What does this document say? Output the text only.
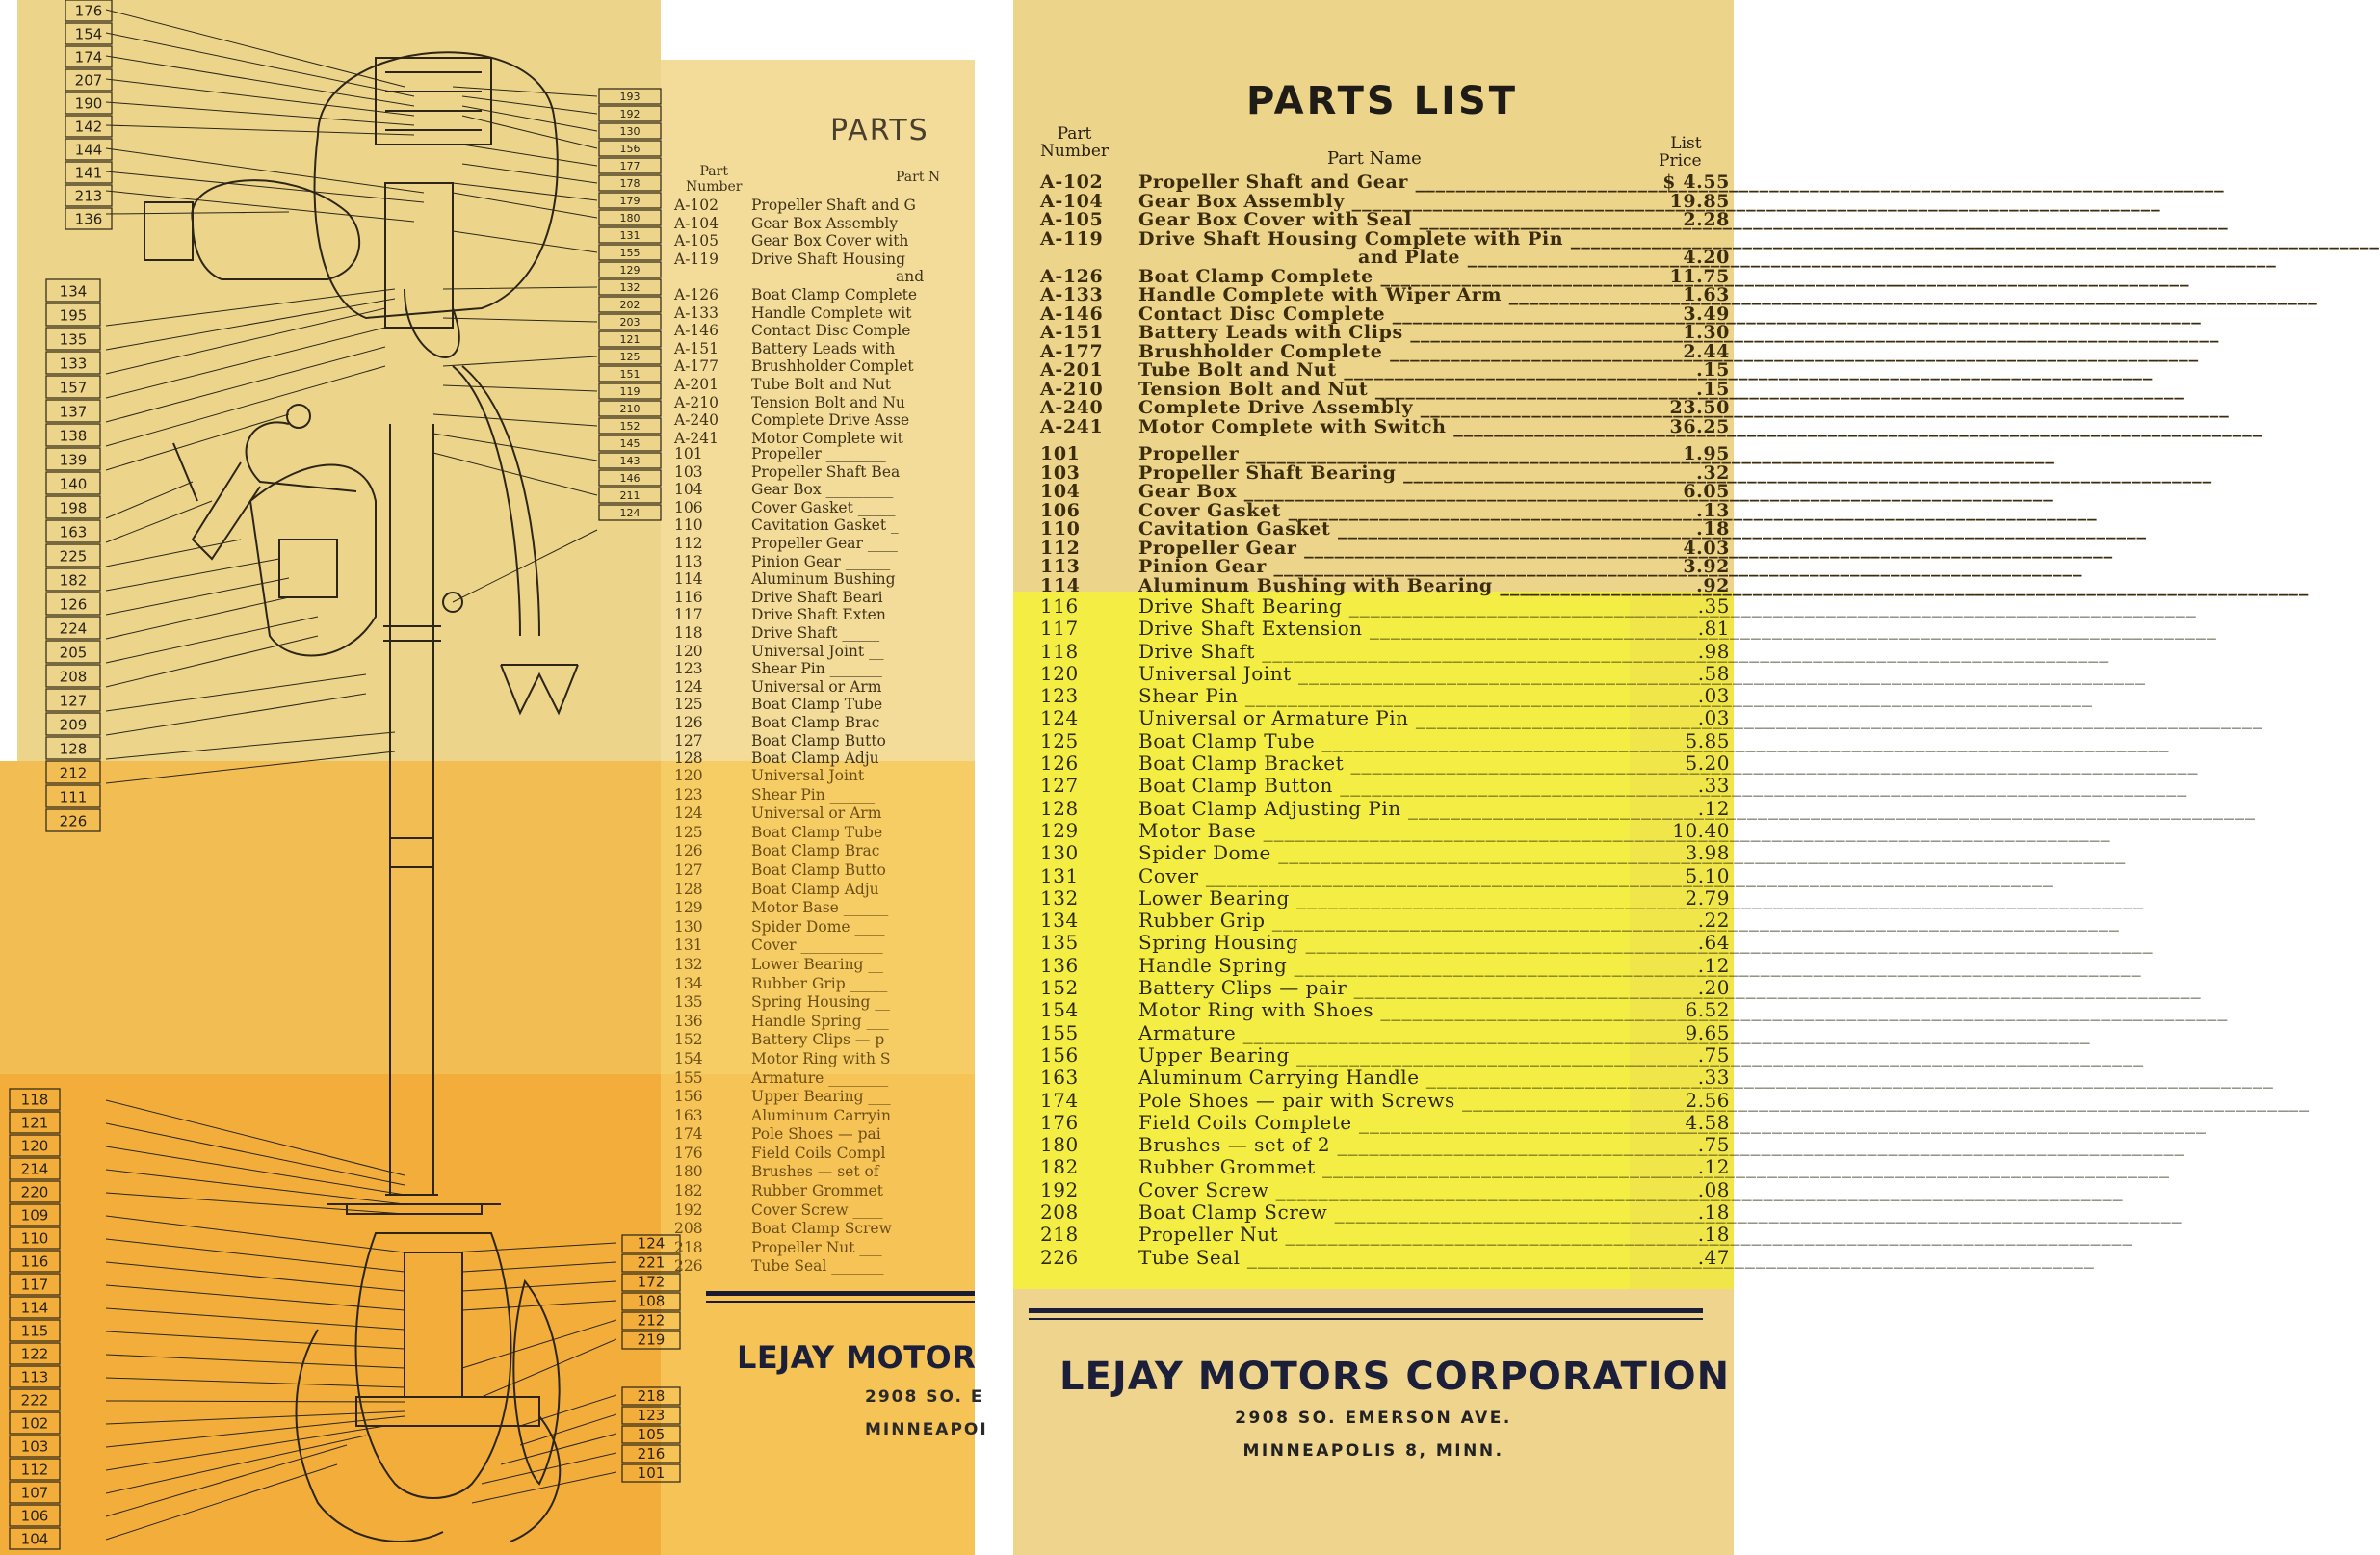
176
154
174
207
190
142
144
141
213
136
134
195
135
133
157
137
138
139
140
198
163
225
182
126
224
205
208
127
209
128
212
111
226
118
121
120
214
220
109
110
116
117
114
115
122
113
222
102
103
112
107
106
104
193
192
130
156
177
178
179
180
131
155
129
132
202
203
121
125
151
119
210
152
145
143
146
211
124
124
221
172
108
212
219
218
123
105
216
101
PARTS
Part
Number
Part N
A-102	Propeller Shaft and G
A-104	Gear Box Assembly
A-105	Gear Box Cover with
A-119	Drive Shaft Housing
and
A-126	Boat Clamp Complete
A-133	Handle Complete wit
A-146	Contact Disc Comple
A-151	Battery Leads with
A-177	Brushholder Complet
A-201	Tube Bolt and Nut
A-210	Tension Bolt and Nu
A-240	Complete Drive Asse
A-241	Motor Complete wit
101	Propeller ________
103	Propeller Shaft Bea
104	Gear Box _________
106	Cover Gasket _____
110	Cavitation Gasket _
112	Propeller Gear ____
113	Pinion Gear ______
114	Aluminum Bushing
116	Drive Shaft Beari
117	Drive Shaft Exten
118	Drive Shaft _____
120	Universal Joint __
123	Shear Pin _______
124	Universal or Arm
125	Boat Clamp Tube
126	Boat Clamp Brac
127	Boat Clamp Butto
128	Boat Clamp Adju
120	Universal Joint
123	Shear Pin ______
124	Universal or Arm
125	Boat Clamp Tube
126	Boat Clamp Brac
127	Boat Clamp Butto
128	Boat Clamp Adju
129	Motor Base ______
130	Spider Dome ____
131	Cover ___________
132	Lower Bearing __
134	Rubber Grip _____
135	Spring Housing __
136	Handle Spring ___
152	Battery Clips — p
154	Motor Ring with S
155	Armature ________
156	Upper Bearing ___
163	Aluminum Carryin
174	Pole Shoes — pai
176	Field Coils Compl
180	Brushes — set of
182	Rubber Grommet
192	Cover Screw ____
208	Boat Clamp Screw
218	Propeller Nut ___
226	Tube Seal _______
LEJAY MOTOR
2908 SO. E
MINNEAPOI
PARTS LIST
Part
Number	Part Name
List
Price
A-102	Propeller Shaft and Gear _____	$ 4.55
A-104	Gear Box Assembly _____	19.85
A-105	Gear Box Cover with Seal _____	2.28
A-119	Drive Shaft Housing Complete with Pin _____
and Plate _____	4.20
A-126	Boat Clamp Complete _____	11.75
A-133	Handle Complete with Wiper Arm _____	1.63
A-146	Contact Disc Complete _____	3.49
A-151	Battery Leads with Clips _____	1.30
A-177	Brushholder Complete _____	2.44
A-201	Tube Bolt and Nut _____	.15
A-210	Tension Bolt and Nut _____	.15
A-240	Complete Drive Assembly _____	23.50
A-241	Motor Complete with Switch _____	36.25
101	Propeller _____	1.95
103	Propeller Shaft Bearing _____	.32
104	Gear Box _____	6.05
106	Cover Gasket _____	.13
110	Cavitation Gasket _____	.18
112	Propeller Gear _____	4.03
113	Pinion Gear _____	3.92
114	Aluminum Bushing with Bearing _____	.92
116	Drive Shaft Bearing _____	.35
117	Drive Shaft Extension _____	.81
118	Drive Shaft _____	.98
120	Universal Joint _____	.58
123	Shear Pin _____	.03
124	Universal or Armature Pin _____	.03
125	Boat Clamp Tube _____	5.85
126	Boat Clamp Bracket _____	5.20
127	Boat Clamp Button _____	.33
128	Boat Clamp Adjusting Pin _____	.12
129	Motor Base _____	10.40
130	Spider Dome _____	3.98
131	Cover _____	5.10
132	Lower Bearing _____	2.79
134	Rubber Grip _____	.22
135	Spring Housing _____	.64
136	Handle Spring _____	.12
152	Battery Clips — pair _____	.20
154	Motor Ring with Shoes _____	6.52
155	Armature _____	9.65
156	Upper Bearing _____	.75
163	Aluminum Carrying Handle _____	.33
174	Pole Shoes — pair with Screws _____	2.56
176	Field Coils Complete _____	4.58
180	Brushes — set of 2 _____	.75
182	Rubber Grommet _____	.12
192	Cover Screw _____	.08
208	Boat Clamp Screw _____	.18
218	Propeller Nut _____	.18
226	Tube Seal _____	.47
LEJAY MOTORS CORPORATION
2908 SO. EMERSON AVE.
MINNEAPOLIS 8, MINN.
